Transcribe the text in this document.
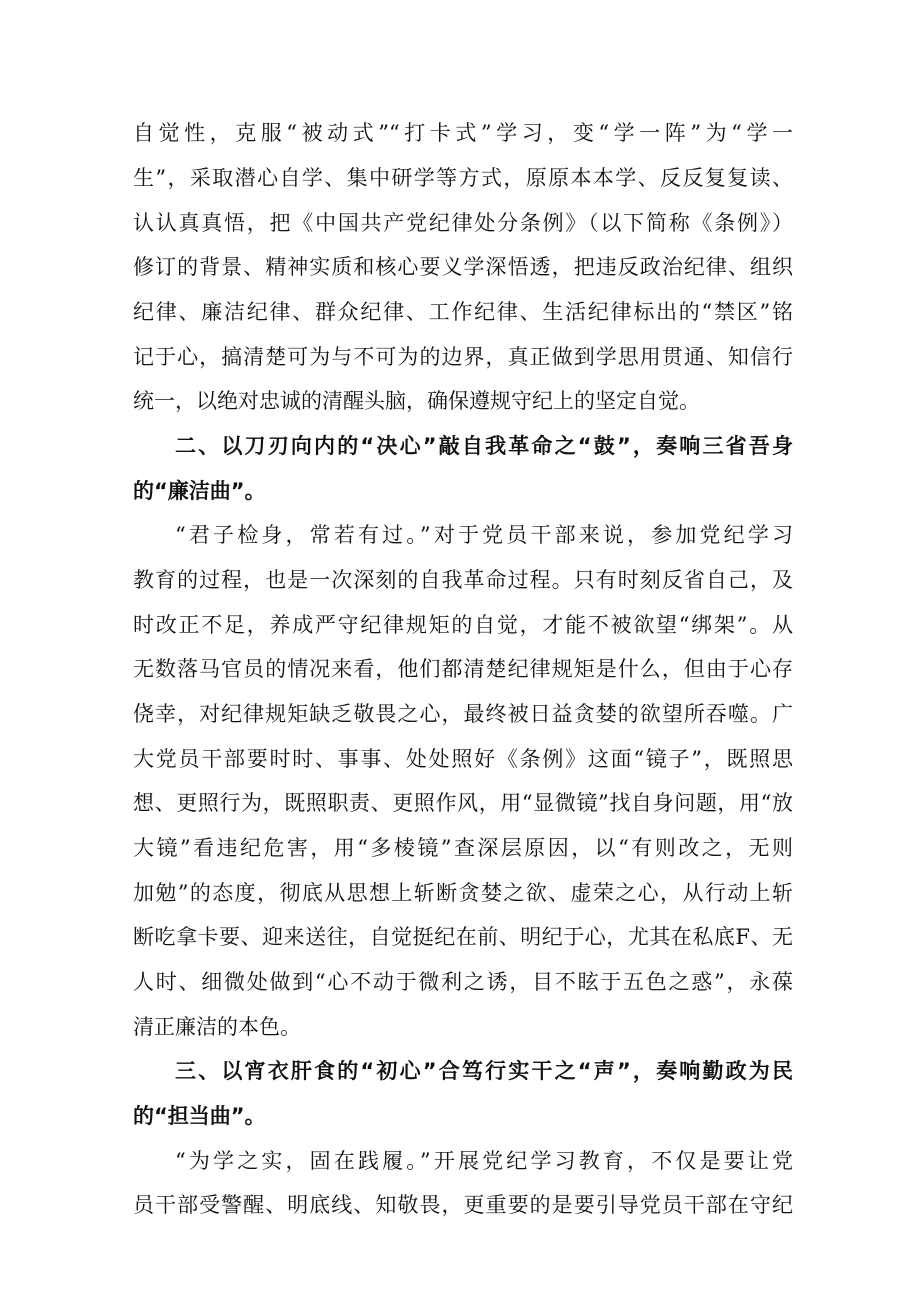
自觉性，克服“被动式”“打卡式”学习，变“学一阵”为“学一
生”，采取潜心自学、集中研学等方式，原原本本学、反反复复读、
认认真真悟，把《中国共产党纪律处分条例》（以下简称《条例》）
修订的背景、精神实质和核心要义学深悟透，把违反政治纪律、组织
纪律、廉洁纪律、群众纪律、工作纪律、生活纪律标出的“禁区”铭
记于心，搞清楚可为与不可为的边界，真正做到学思用贯通、知信行
统一，以绝对忠诚的清醒头脑，确保遵规守纪上的坚定自觉。
二、以刀刃向内的“决心”敲自我革命之“鼓”，奏响三省吾身
的“廉洁曲”。
“君子检身，常若有过。”对于党员干部来说，参加党纪学习
教育的过程，也是一次深刻的自我革命过程。只有时刻反省自己，及
时改正不足，养成严守纪律规矩的自觉，才能不被欲望“绑架”。从
无数落马官员的情况来看，他们都清楚纪律规矩是什么，但由于心存
侥幸，对纪律规矩缺乏敬畏之心，最终被日益贪婪的欲望所吞噬。广
大党员干部要时时、事事、处处照好《条例》这面“镜子”，既照思
想、更照行为，既照职责、更照作风，用“显微镜”找自身问题，用“放
大镜”看违纪危害，用“多棱镜”查深层原因，以“有则改之，无则
加勉”的态度，彻底从思想上斩断贪婪之欲、虚荣之心，从行动上斩
断吃拿卡要、迎来送往，自觉挺纪在前、明纪于心，尤其在私底F、无
人时、细微处做到“心不动于微利之诱，目不眩于五色之惑”，永葆
清正廉洁的本色。
三、以宵衣肝食的“初心”合笃行实干之“声”，奏响勤政为民
的“担当曲”。
“为学之实，固在践履。”开展党纪学习教育，不仅是要让党
员干部受警醒、明底线、知敬畏，更重要的是要引导党员干部在守纪
